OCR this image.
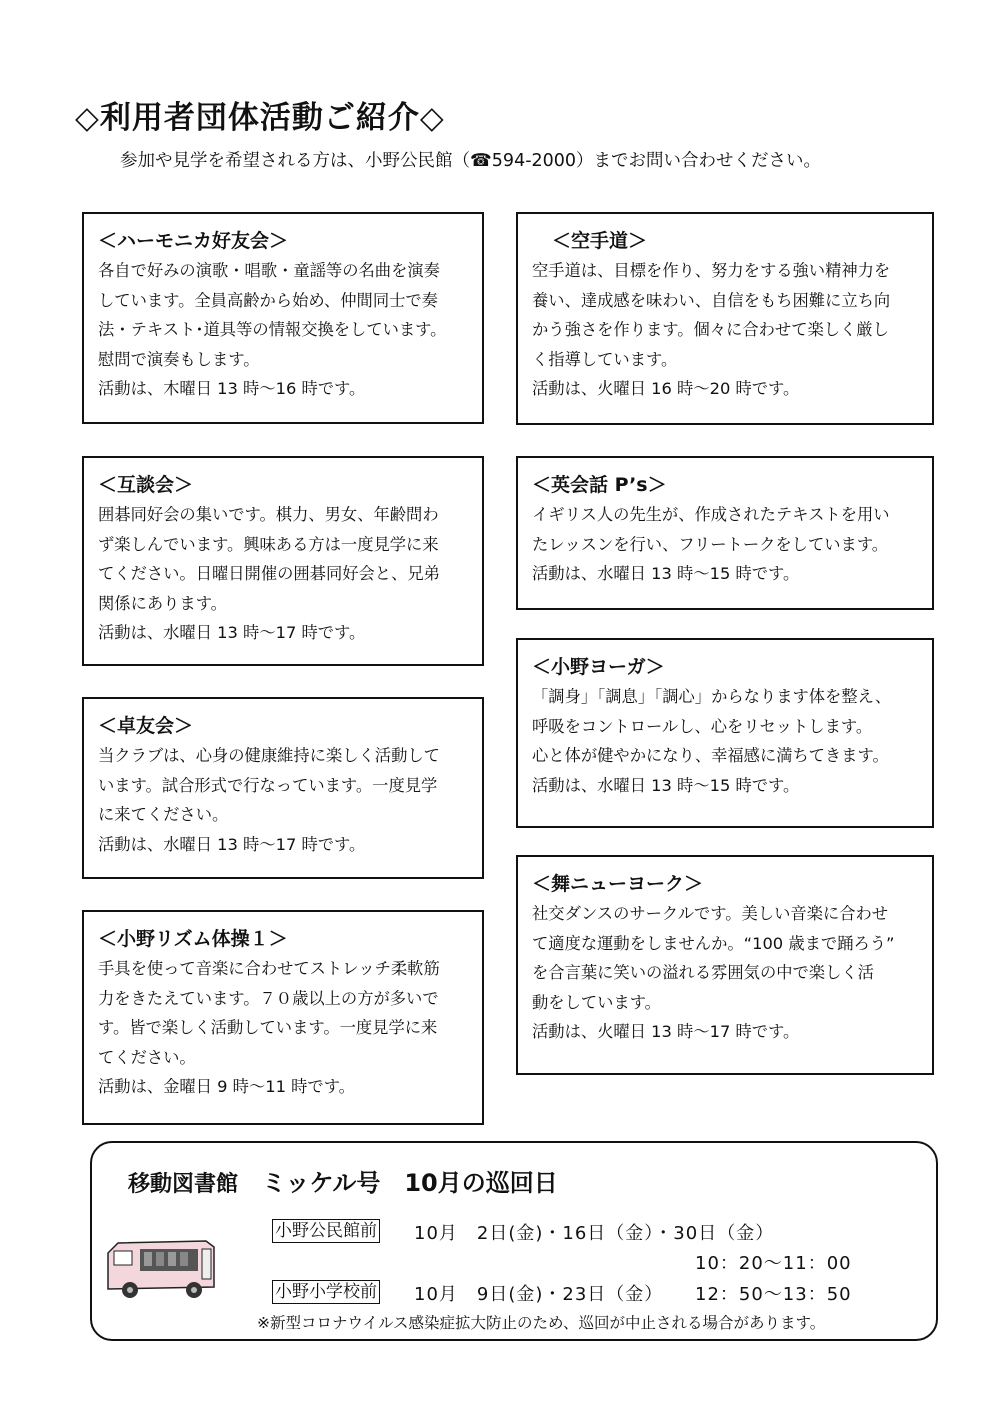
◇利用者団体活動ご紹介◇
参加や見学を希望される方は、小野公民館（☎594-2000）までお問い合わせください。
＜ハーモニカ好友会＞
各自で好みの演歌・唱歌・童謡等の名曲を演奏
しています。全員高齢から始め、仲間同士で奏
法・テキスト･道具等の情報交換をしています。
慰問で演奏もします。
活動は、木曜日 13 時～16 時です。
＜互談会＞
囲碁同好会の集いです。棋力、男女、年齢問わ
ず楽しんでいます。興味ある方は一度見学に来
てください。日曜日開催の囲碁同好会と、兄弟
関係にあります。
活動は、水曜日 13 時～17 時です。
＜卓友会＞
当クラブは、心身の健康維持に楽しく活動して
います。試合形式で行なっています。一度見学
に来てください。
活動は、水曜日 13 時～17 時です。
＜小野リズム体操１＞
手具を使って音楽に合わせてストレッチ柔軟筋
力をきたえています。７０歳以上の方が多いで
す。皆で楽しく活動しています。一度見学に来
てください。
活動は、金曜日 9 時～11 時です。
＜空手道＞
空手道は、目標を作り、努力をする強い精神力を
養い、達成感を味わい、自信をもち困難に立ち向
かう強さを作ります。個々に合わせて楽しく厳し
く指導しています。
活動は、火曜日 16 時～20 時です。
＜英会話 P’s＞
イギリス人の先生が、作成されたテキストを用い
たレッスンを行い、フリートークをしています。
活動は、水曜日 13 時～15 時です。
＜小野ヨーガ＞
「調身」「調息」「調心」からなります体を整え、
呼吸をコントロールし、心をリセットします。
心と体が健やかになり、幸福感に満ちてきます。
活動は、水曜日 13 時～15 時です。
＜舞ニューヨーク＞
社交ダンスのサークルです。美しい音楽に合わせ
て適度な運動をしませんか。“100 歳まで踊ろう”
を合言葉に笑いの溢れる雰囲気の中で楽しく活
動をしています。
活動は、火曜日 13 時～17 時です。
移動図書館 ミッケル号 10月の巡回日
小野公民館前 10月　2日(金)・16日（金）・30日（金）
10：20～11：00
小野小学校前 10月　9日(金)・23日（金） 12：50～13：50
※新型コロナウイルス感染症拡大防止のため、巡回が中止される場合があります。
